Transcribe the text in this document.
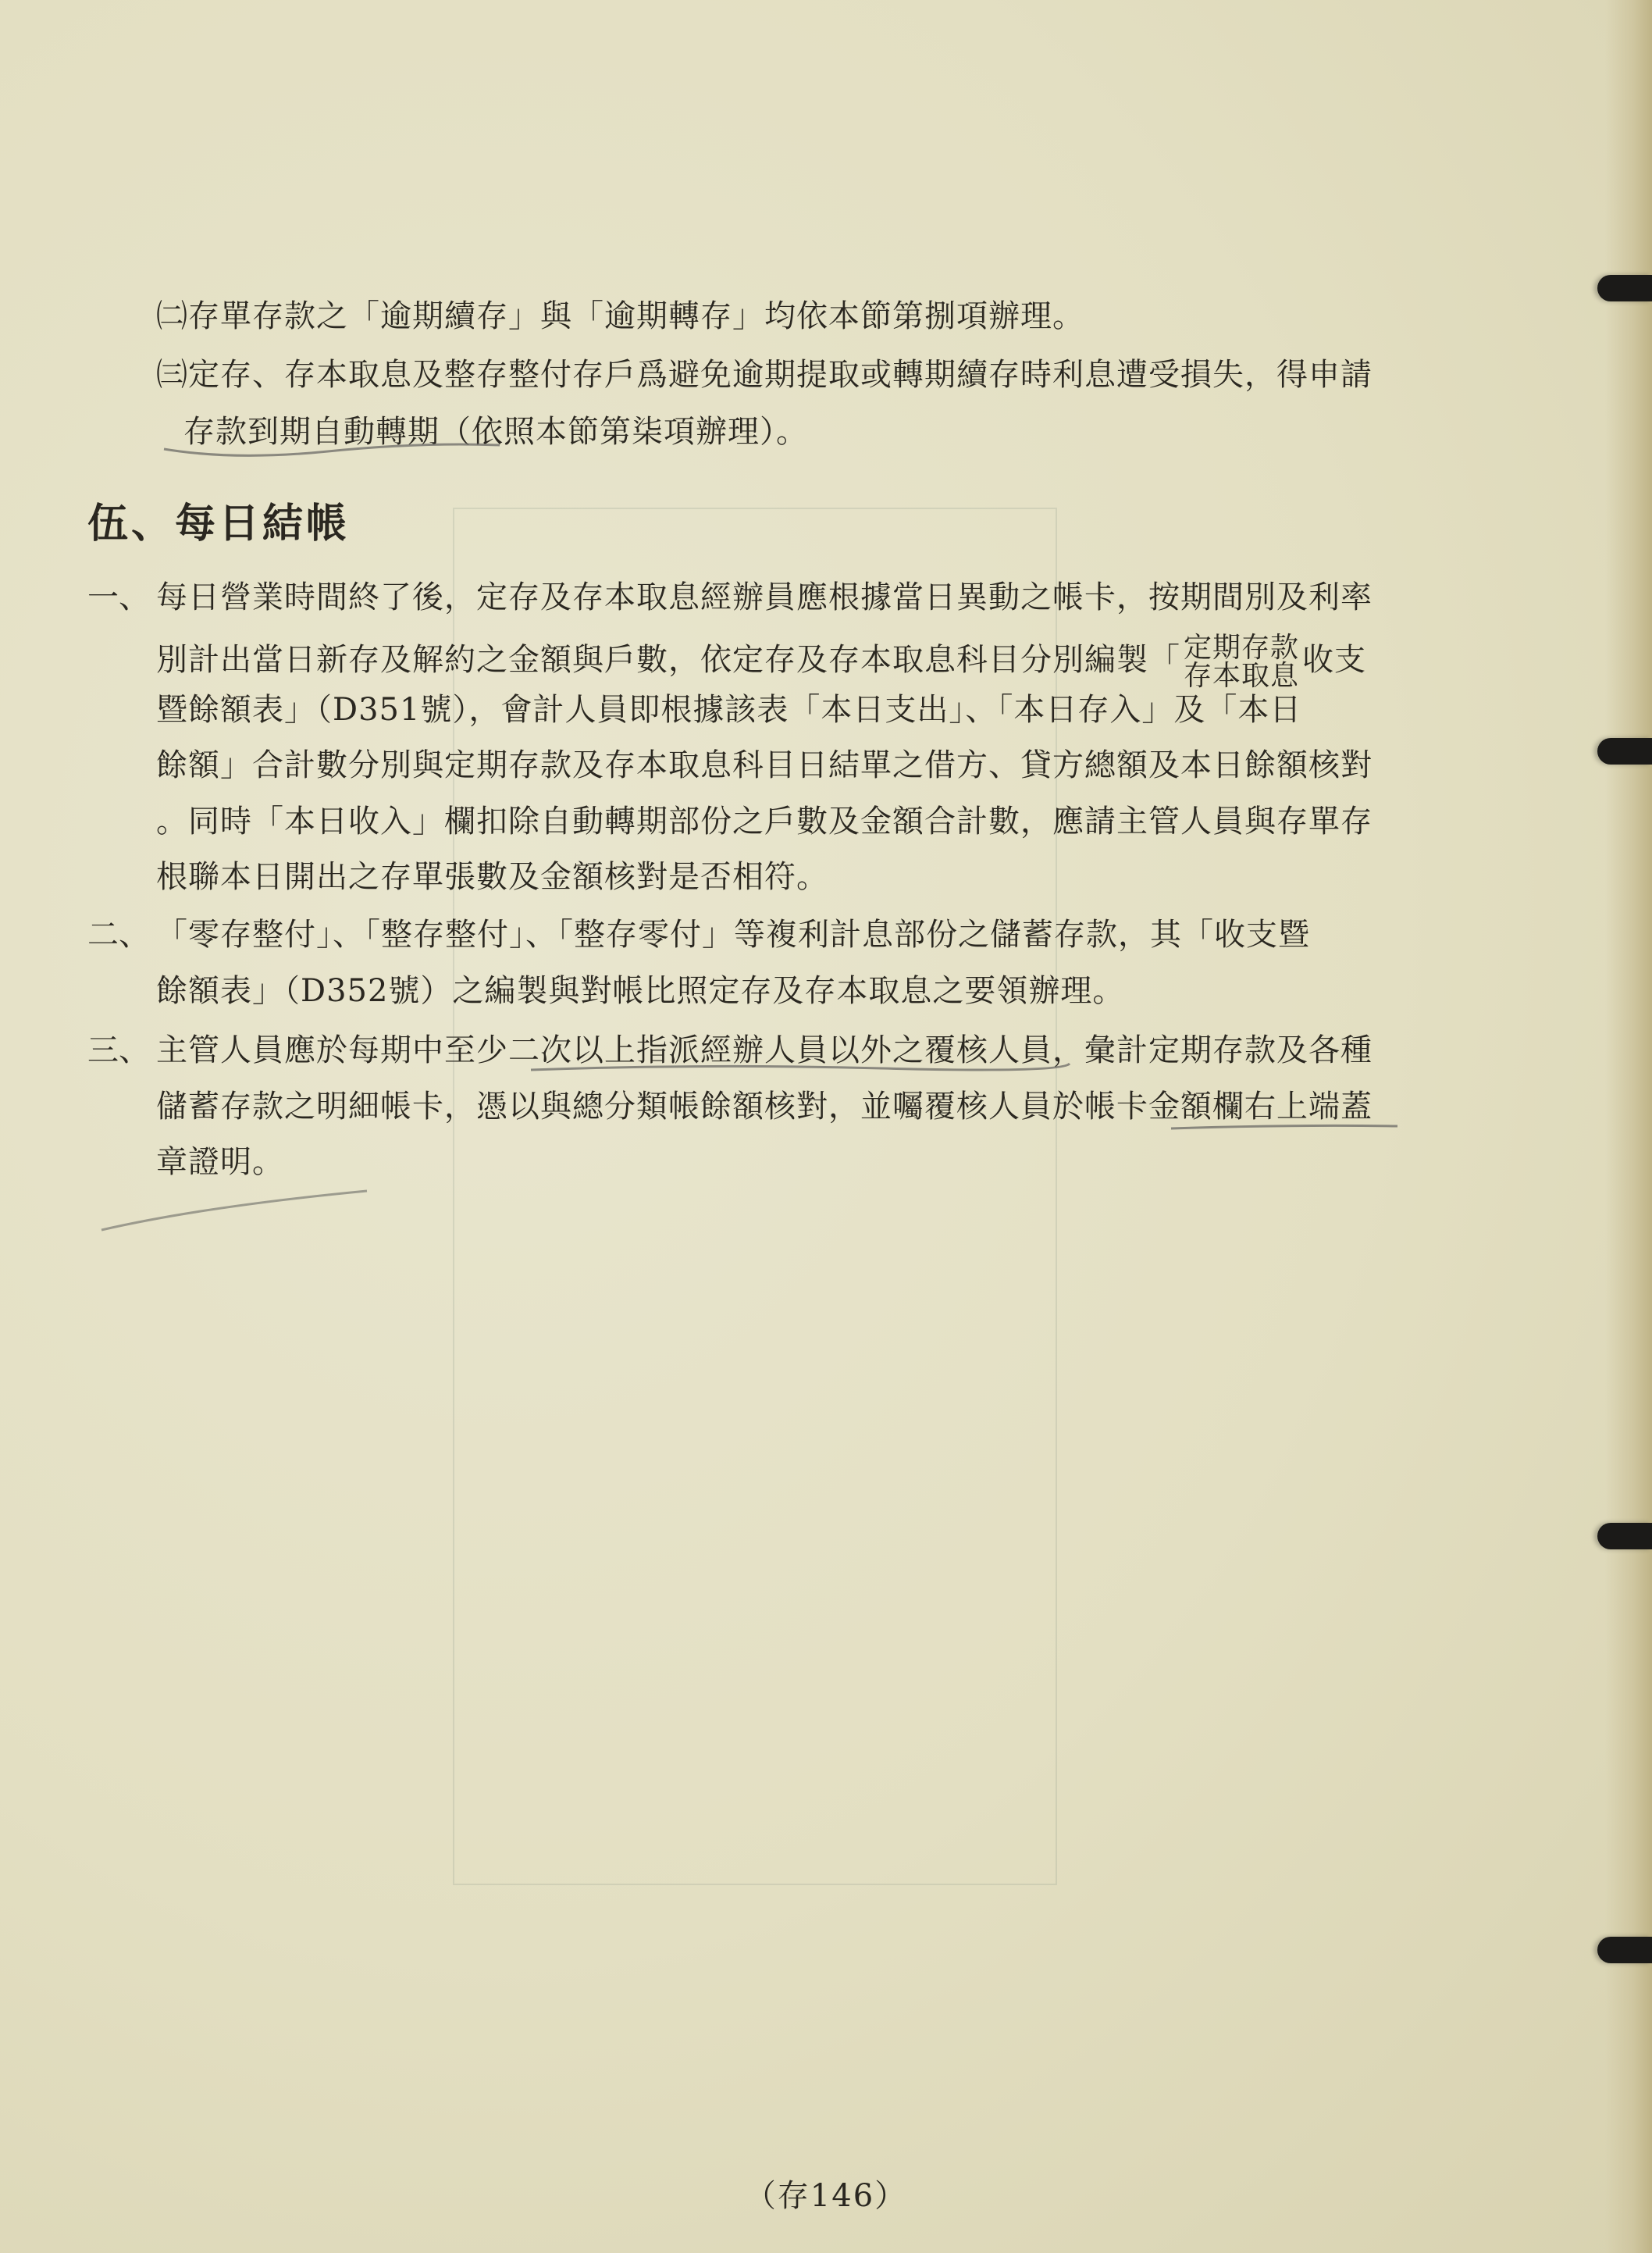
㈡存單存款之「逾期續存」與「逾期轉存」均依本節第捌項辦理。
㈢定存、存本取息及整存整付存戶爲避免逾期提取或轉期續存時利息遭受損失，得申請
存款到期自動轉期（依照本節第柒項辦理）。
伍、每日結帳
一、 每日營業時間終了後，定存及存本取息經辦員應根據當日異動之帳卡，按期間別及利率
別計出當日新存及解約之金額與戶數，依定存及存本取息科目分別編製「 定期存款
存本取息 收支
暨餘額表」（D351號），會計人員即根據該表「本日支出」、「本日存入」及「本日
餘額」合計數分別與定期存款及存本取息科目日結單之借方、貸方總額及本日餘額核對
。同時「本日收入」欄扣除自動轉期部份之戶數及金額合計數，應請主管人員與存單存
根聯本日開出之存單張數及金額核對是否相符。
二、 「零存整付」、「整存整付」、「整存零付」等複利計息部份之儲蓄存款，其「收支暨
餘額表」（D352號）之編製與對帳比照定存及存本取息之要領辦理。
三、 主管人員應於每期中至少二次以上指派經辦人員以外之覆核人員，彙計定期存款及各種
儲蓄存款之明細帳卡，憑以與總分類帳餘額核對，並囑覆核人員於帳卡金額欄右上端蓋
章證明。
（存146）
